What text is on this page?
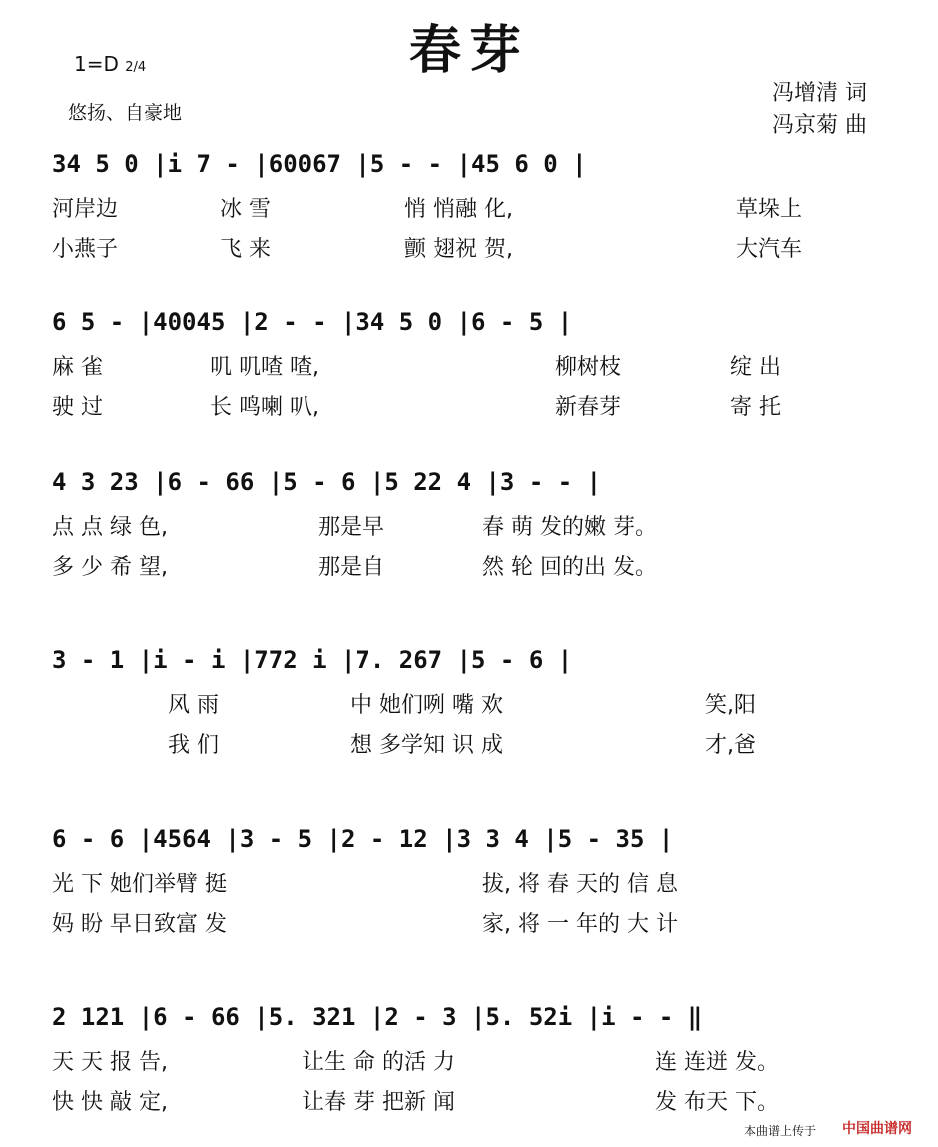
春芽
1=D 2/4
悠扬、自豪地
冯增清 词
冯京菊 曲
34 5 0 |i 7 - |60067 |5 - - |45 6 0 |
河岸边	冰 雪	悄 悄融 化,	草垛上
小燕子	飞 来	颤 翅祝 贺,	大汽车
6 5 - |40045 |2 - - |34 5 0 |6 - 5 |
麻 雀	叽 叽喳 喳,	柳树枝	绽 出
驶 过	长 鸣喇 叭,	新春芽	寄 托
4 3 23 |6 - 66 |5 - 6 |5 22 4 |3 - - |
点 点 绿 色,	那是早	春 萌 发的嫩 芽。
多 少 希 望,	那是自	然 轮 回的出 发。
3 - 1 |i - i |772 i |7. 267 |5 - 6 |
风 雨	中 她们咧 嘴 欢	笑,阳
我 们	想 多学知 识 成	才,爸
6 - 6 |4564 |3 - 5 |2 - 12 |3 3 4 |5 - 35 |
光 下 她们举臂 挺	拔, 将 春 天的 信 息
妈 盼 早日致富 发	家, 将 一 年的 大 计
2 121 |6 - 66 |5. 321 |2 - 3 |5. 52i |i - - ‖
天 天 报 告,	让生 命 的活 力	连 连迸 发。
快 快 敲 定,	让春 芽 把新 闻	发 布天 下。
本曲谱上传于 中国曲谱网
